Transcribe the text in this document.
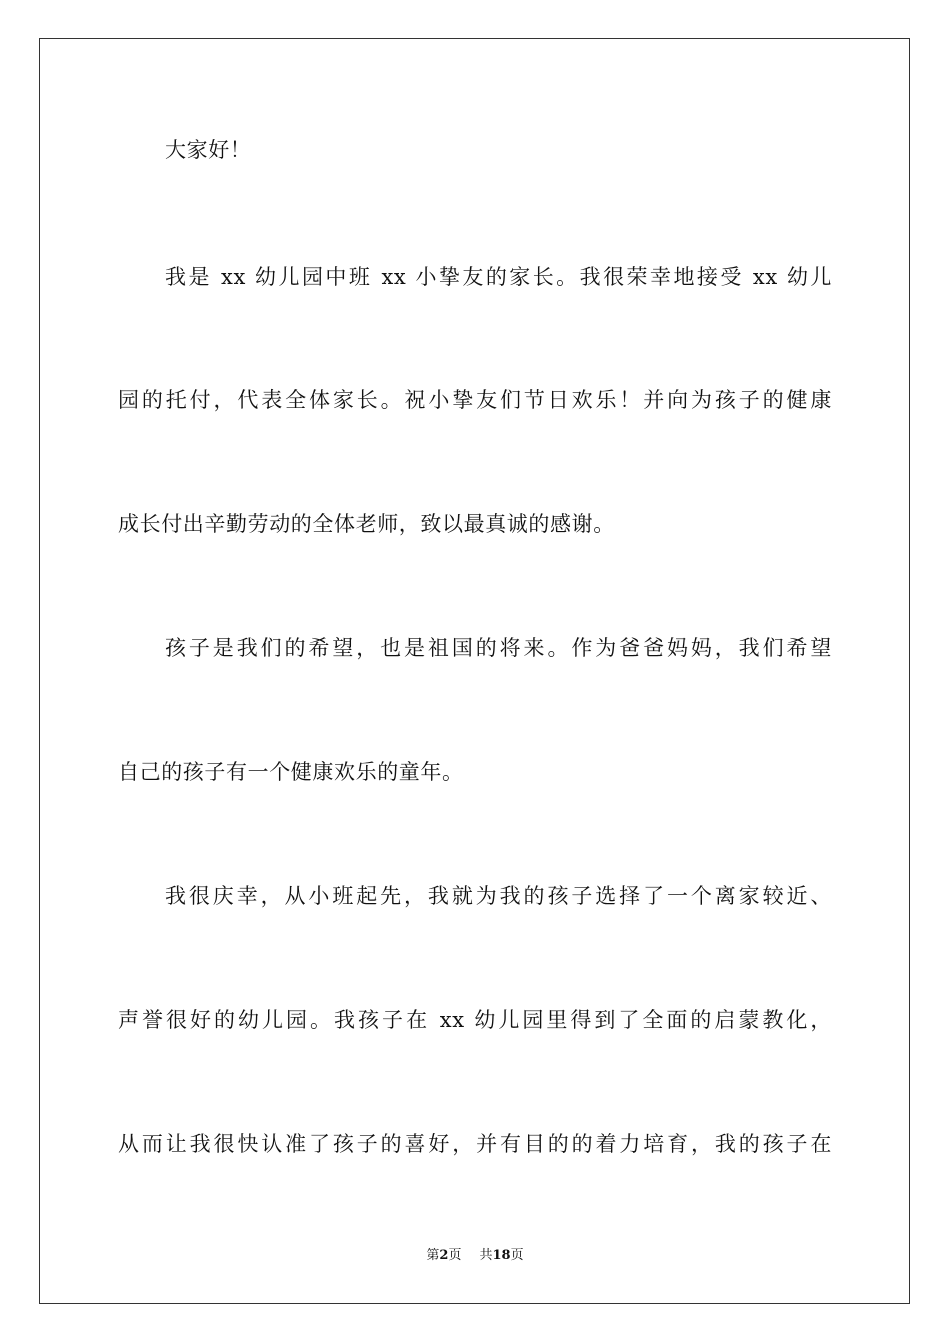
大家好！
我是 xx 幼儿园中班 xx 小挚友的家长。我很荣幸地接受 xx 幼儿
园的托付，代表全体家长。祝小挚友们节日欢乐！并向为孩子的健康
成长付出辛勤劳动的全体老师，致以最真诚的感谢。
孩子是我们的希望，也是祖国的将来。作为爸爸妈妈，我们希望
自己的孩子有一个健康欢乐的童年。
我很庆幸，从小班起先，我就为我的孩子选择了一个离家较近、
声誉很好的幼儿园。我孩子在 xx 幼儿园里得到了全面的启蒙教化，
从而让我很快认准了孩子的喜好，并有目的的着力培育，我的孩子在
第2页 共18页
